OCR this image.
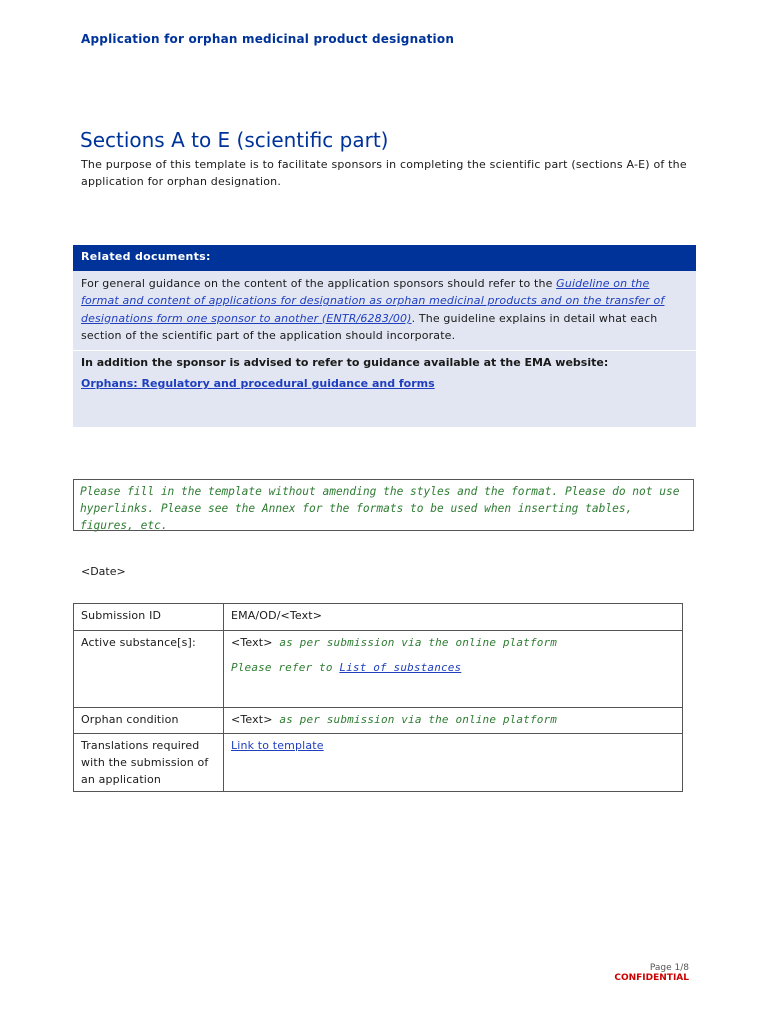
Application for orphan medicinal product designation
Sections A to E (scientific part)
The purpose of this template is to facilitate sponsors in completing the scientific part (sections A-E) of the application for orphan designation.
Related documents:
For general guidance on the content of the application sponsors should refer to the Guideline on the format and content of applications for designation as orphan medicinal products and on the transfer of designations form one sponsor to another (ENTR/6283/00). The guideline explains in detail what each section of the scientific part of the application should incorporate.
In addition the sponsor is advised to refer to guidance available at the EMA website:
Orphans: Regulatory and procedural guidance and forms
Please fill in the template without amending the styles and the format. Please do not use hyperlinks. Please see the Annex for the formats to be used when inserting tables, figures, etc.
<Date>
Submission ID	EMA/OD/<Text>
Active substance[s]:	<Text> as per submission via the online platform
Please refer to List of substances

Orphan condition	<Text> as per submission via the online platform
Translations required with the submission of an application	Link to template
Page 1/8
CONFIDENTIAL
